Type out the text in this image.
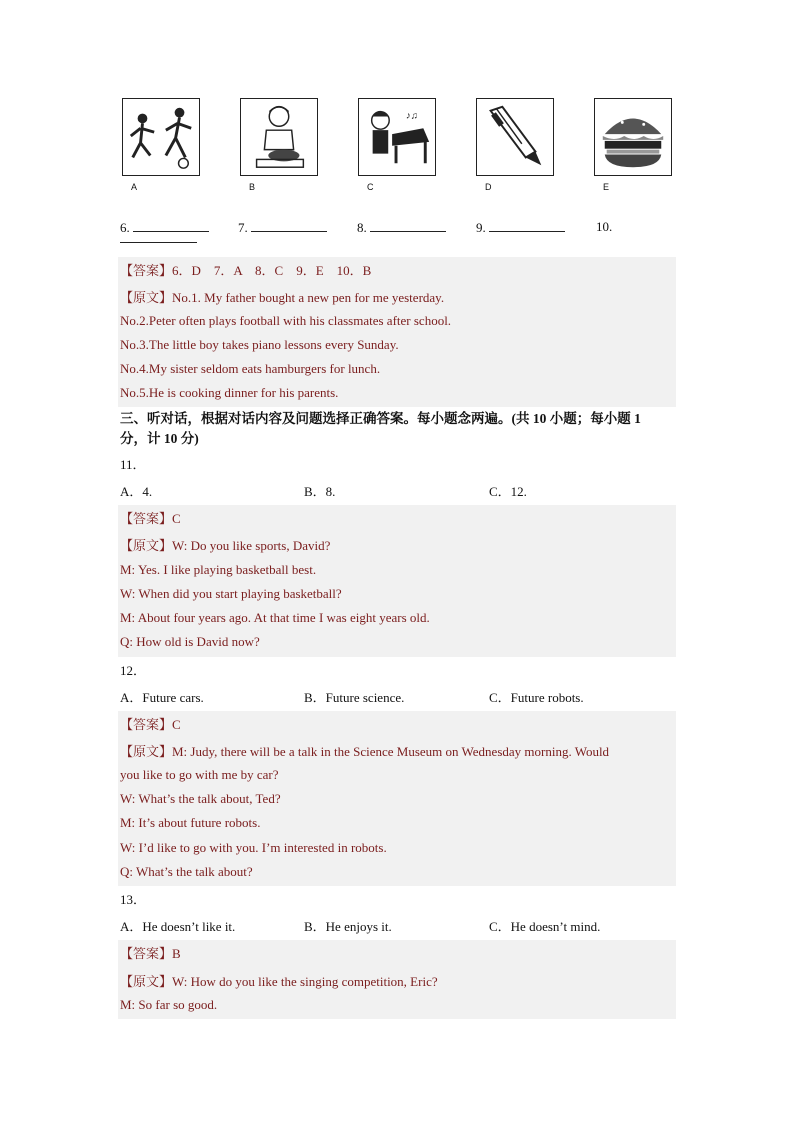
A	B
♪♫
C	D	E
6.	7.	8.	9.	10.
【答案】6．D　7．A　8．C　9．E　10．B
【原文】No.1. My father bought a new pen for me yesterday.
No.2.Peter often plays football with his classmates after school.
No.3.The little boy takes piano lessons every Sunday.
No.4.My sister seldom eats hamburgers for lunch.
No.5.He is cooking dinner for his parents.
三、听对话，根据对话内容及问题选择正确答案。每小题念两遍。(共 10 小题；每小题 1
分，计 10 分)
11．
A．4.	B．8.	C．12.
【答案】C
【原文】W: Do you like sports, David?
M: Yes. I like playing basketball best.
W: When did you start playing basketball?
M: About four years ago. At that time I was eight years old.
Q: How old is David now?
12．
A．Future cars.	B．Future science.	C．Future robots.
【答案】C
【原文】M: Judy, there will be a talk in the Science Museum on Wednesday morning. Would
you like to go with me by car?
W: What’s the talk about, Ted?
M: It’s about future robots.
W: I’d like to go with you. I’m interested in robots.
Q: What’s the talk about?
13．
A．He doesn’t like it.	B．He enjoys it.	C．He doesn’t mind.
【答案】B
【原文】W: How do you like the singing competition, Eric?
M: So far so good.
